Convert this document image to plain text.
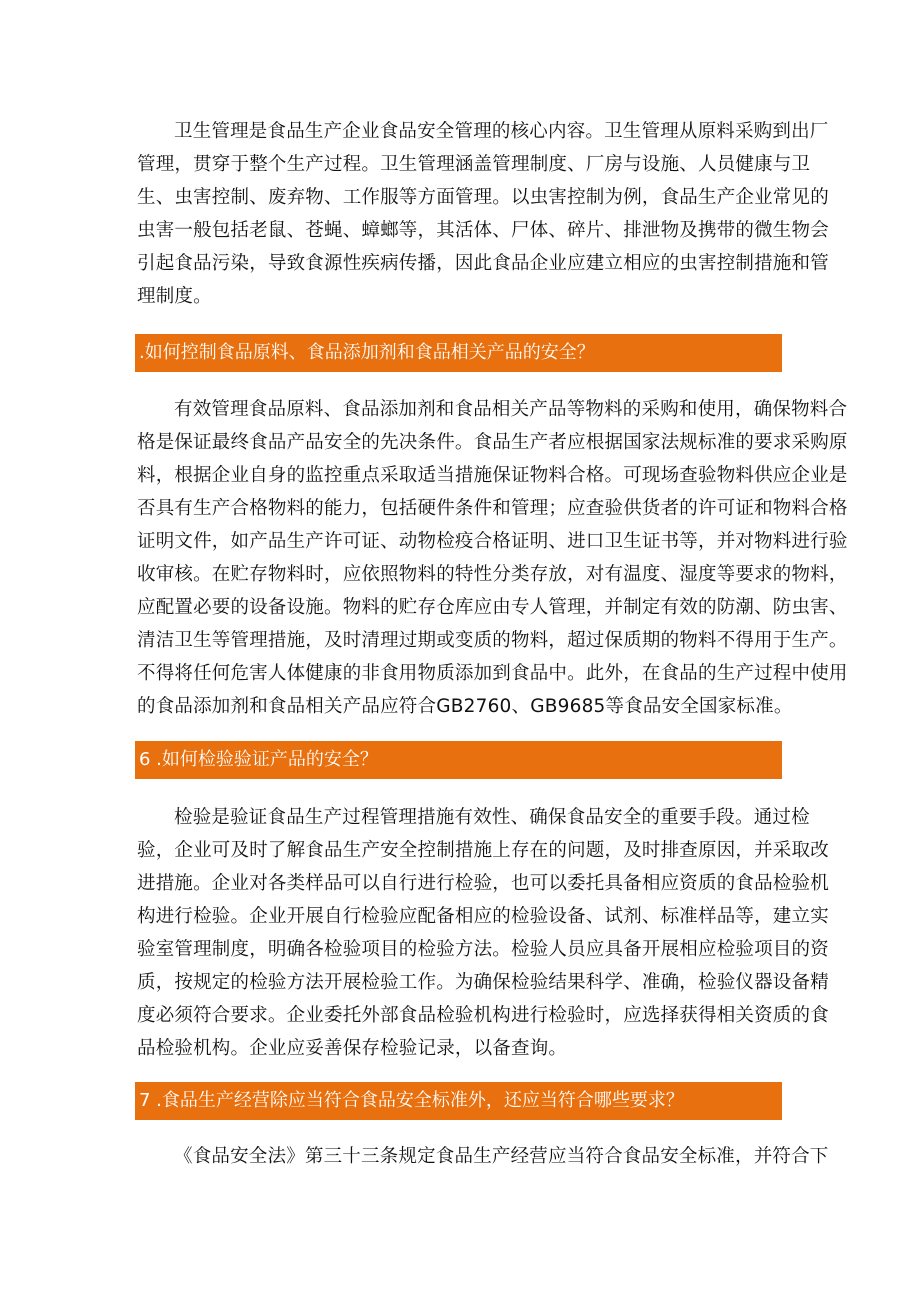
卫生管理是食品生产企业食品安全管理的核心内容。卫生管理从原料采购到出厂
管理，贯穿于整个生产过程。卫生管理涵盖管理制度、厂房与设施、人员健康与卫
生、虫害控制、废弃物、工作服等方面管理。以虫害控制为例，食品生产企业常见的
虫害一般包括老鼠、苍蝇、蟑螂等，其活体、尸体、碎片、排泄物及携带的微生物会
引起食品污染，导致食源性疾病传播，因此食品企业应建立相应的虫害控制措施和管
理制度。
.如何控制食品原料、食品添加剂和食品相关产品的安全？
有效管理食品原料、食品添加剂和食品相关产品等物料的采购和使用，确保物料合
格是保证最终食品产品安全的先决条件。食品生产者应根据国家法规标准的要求采购原
料，根据企业自身的监控重点采取适当措施保证物料合格。可现场查验物料供应企业是
否具有生产合格物料的能力，包括硬件条件和管理；应查验供货者的许可证和物料合格
证明文件，如产品生产许可证、动物检疫合格证明、进口卫生证书等，并对物料进行验
收审核。在贮存物料时，应依照物料的特性分类存放，对有温度、湿度等要求的物料，
应配置必要的设备设施。物料的贮存仓库应由专人管理，并制定有效的防潮、防虫害、
清洁卫生等管理措施，及时清理过期或变质的物料，超过保质期的物料不得用于生产。
不得将任何危害人体健康的非食用物质添加到食品中。此外，在食品的生产过程中使用
的食品添加剂和食品相关产品应符合GB2760、GB9685等食品安全国家标准。
6 .如何检验验证产品的安全？
检验是验证食品生产过程管理措施有效性、确保食品安全的重要手段。通过检
验，企业可及时了解食品生产安全控制措施上存在的问题，及时排查原因，并采取改
进措施。企业对各类样品可以自行进行检验，也可以委托具备相应资质的食品检验机
构进行检验。企业开展自行检验应配备相应的检验设备、试剂、标准样品等，建立实
验室管理制度，明确各检验项目的检验方法。检验人员应具备开展相应检验项目的资
质，按规定的检验方法开展检验工作。为确保检验结果科学、准确，检验仪器设备精
度必须符合要求。企业委托外部食品检验机构进行检验时，应选择获得相关资质的食
品检验机构。企业应妥善保存检验记录，以备查询。
7 .食品生产经营除应当符合食品安全标准外，还应当符合哪些要求？
《食品安全法》第三十三条规定食品生产经营应当符合食品安全标准，并符合下
